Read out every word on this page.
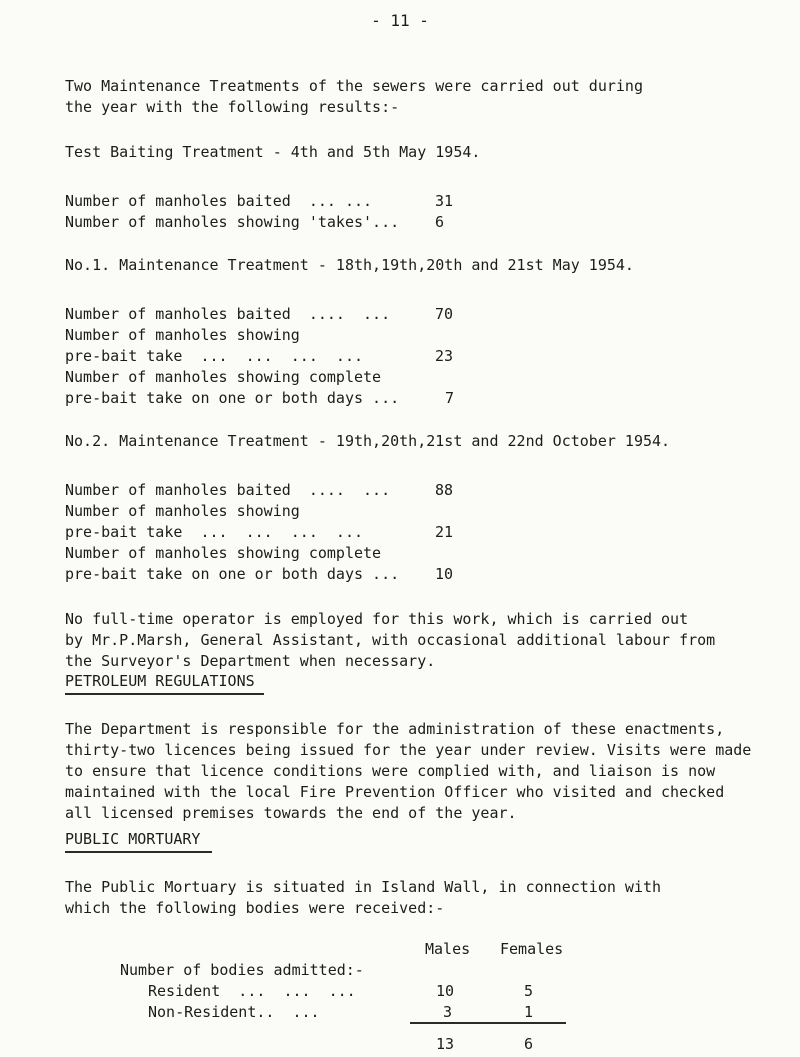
- 11 -

Two Maintenance Treatments of the sewers were carried out during

the year with the following results:-

Test Baiting Treatment - 4th and 5th May 1954.
Number of manholes baited  ... ...	31
Number of manholes showing 'takes'... 6
No.1. Maintenance Treatment - 18th,19th,20th and 21st May 1954.
Number of manholes baited  ....  ...	70
Number of manholes showing
pre-bait take  ...  ...  ...  ...	23
Number of manholes showing complete
pre-bait take on one or both days ...	7
No.2. Maintenance Treatment - 19th,20th,21st and 22nd October 1954.
Number of manholes baited  ....  ...	88
Number of manholes showing
pre-bait take  ...  ...  ...  ...	21
Number of manholes showing complete
pre-bait take on one or both days ... 10

No full-time operator is employed for this work, which is carried out

by Mr.P.Marsh, General Assistant, with occasional additional labour from

the Surveyor's Department when necessary.

PETROLEUM REGULATIONS

The Department is responsible for the administration of these enactments,

thirty-two licences being issued for the year under review. Visits were made

to ensure that licence conditions were complied with, and liaison is now

maintained with the local Fire Prevention Officer who visited and checked

all licensed premises towards the end of the year.

PUBLIC MORTUARY

The Public Mortuary is situated in Island Wall, in connection with

which the following bodies were received:-

Males Females
Number of bodies admitted:-
Resident  ...  ...  ...	10	5
Non-Resident..  ...	3	1
13	6
